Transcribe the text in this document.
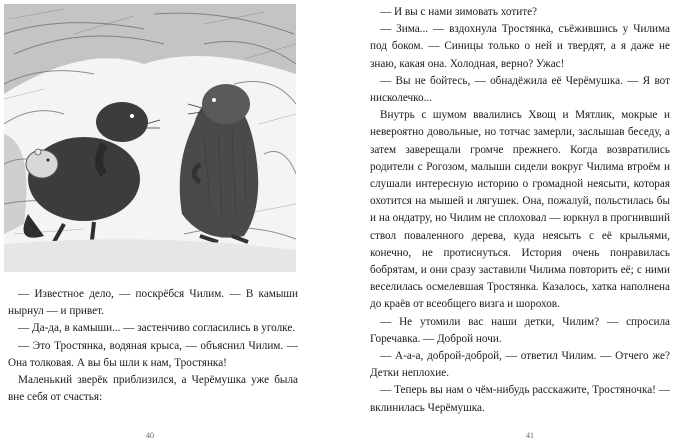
— Известное дело, — поскрёбся Чилим. — В камыши нырнул — и привет.

— Да-да, в камыши... — застенчиво согласились в уголке.

— Это Тростянка, водяная крыса, — объяснил Чилим. — Она толковая. А вы бы шли к нам, Тростянка!

Маленький зверёк приблизился, а Черёмушка уже была вне себя от счастья:

40

— И вы с нами зимовать хотите?

— Зима... — вздохнула Тростянка, съёжившись у Чилима под боком. — Синицы только о ней и твердят, а я даже не знаю, какая она. Холодная, верно? Ужас!

— Вы не бойтесь, — обнадёжила её Черёмушка. — Я вот нисколечко...

Внутрь с шумом ввалились Хвощ и Мятлик, мокрые и невероятно довольные, но тотчас замерли, заслышав беседу, а затем заверещали громче прежнего. Когда возвратились родители с Рогозом, малыши сидели вокруг Чилима втроём и слушали интересную историю о громадной неясыти, которая охотится на мышей и лягушек. Она, пожалуй, польстилась бы и на ондатру, но Чилим не сплоховал — юркнул в прогнивший ствол поваленного дерева, куда неясыть с её крыльями, конечно, не протиснуться. История очень понравилась бобрятам, и они сразу заставили Чилима повторить её; с ними веселилась осмелевшая Тростянка. Казалось, хатка наполнена до краёв от всеобщего визга и шорохов.

— Не утомили вас наши детки, Чилим? — спросила Горечавка. — Доброй ночи.

— А-а-а, доброй-доброй, — ответил Чилим. — Отчего же? Детки неплохие.

— Теперь вы нам о чём-нибудь расскажите, Тростяночка! — вклинилась Черёмушка.

41
